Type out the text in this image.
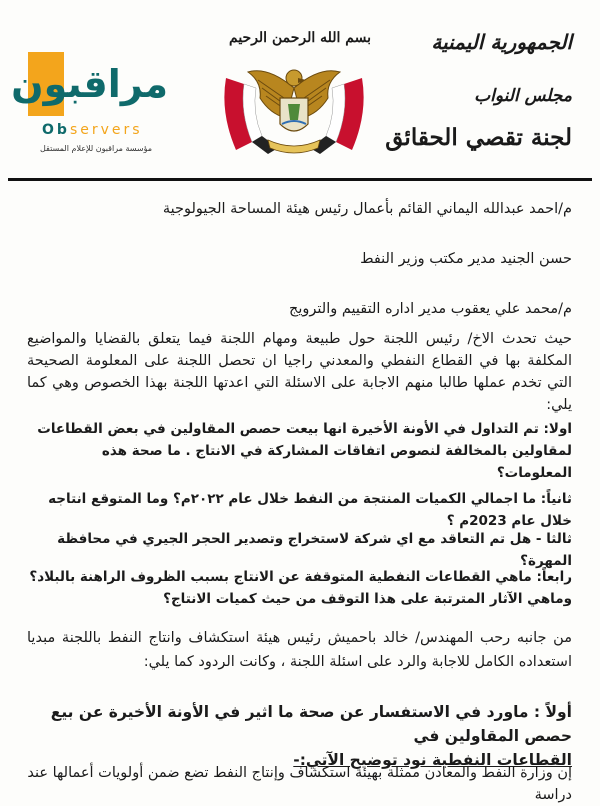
مراقبون
Observers
مؤسسة مراقبون للإعلام المستقل
بسم الله الرحمن الرحيم	الجمهورية اليمنية
مجلس النواب
لجنة تقصي الحقائق

م/احمد عبدالله اليماني القائم بأعمال رئيس هيئة المساحة الجيولوجية

حسن الجنيد مدير مكتب وزير النفط

م/محمد علي يعقوب مدير اداره التقييم والترويج

حيث تحدث الاخ/ رئيس اللجنة حول طبيعة ومهام اللجنة فيما يتعلق بالقضايا والمواضيع المكلفة بها في القطاع النفطي والمعدني راجيا ان تحصل اللجنة على المعلومة الصحيحة التي تخدم عملها طالبا منهم الاجابة على الاسئلة التي اعدتها اللجنة بهذا الخصوص وهي كما يلي:

اولا: تم التداول في الأونة الأخيرة انها بيعت حصص المقاولين في بعض القطاعات لمقاولين بالمخالفة لنصوص اتفاقات المشاركة في الانتاج . ما صحة هذه المعلومات؟

ثانياً: ما اجمالي الكميات المنتجة من النفط خلال عام ٢٠٢٢م؟ وما المتوقع انتاجه خلال عام 2023م ؟

ثالثا - هل تم التعاقد مع اي شركة لاستخراج وتصدير الحجر الجيري في محافظة المهرة؟

رابعاً: ماهي القطاعات النفطية المتوقفة عن الانتاج بسبب الظروف الراهنة بالبلاد؟ وماهي الآثار المترتبة على هذا التوقف من حيث كميات الانتاج؟

من جانبه رحب المهندس/ خالد باحميش رئيس هيئة استكشاف وانتاج النفط باللجنة مبديا استعداده الكامل للاجابة والرد على اسئلة اللجنة ، وكانت الردود كما يلي:

أولاً : ماورد في الاستفسار عن صحة ما اثير في الأونة الأخيرة عن بيع حصص المقاولين في
القطاعات النفطية نود توضيح الآتي:-

إن وزارة النفط والمعادن ممثلة بهيئة استكشاف وإنتاج النفط تضع ضمن أولويات أعمالها عند دراسة
